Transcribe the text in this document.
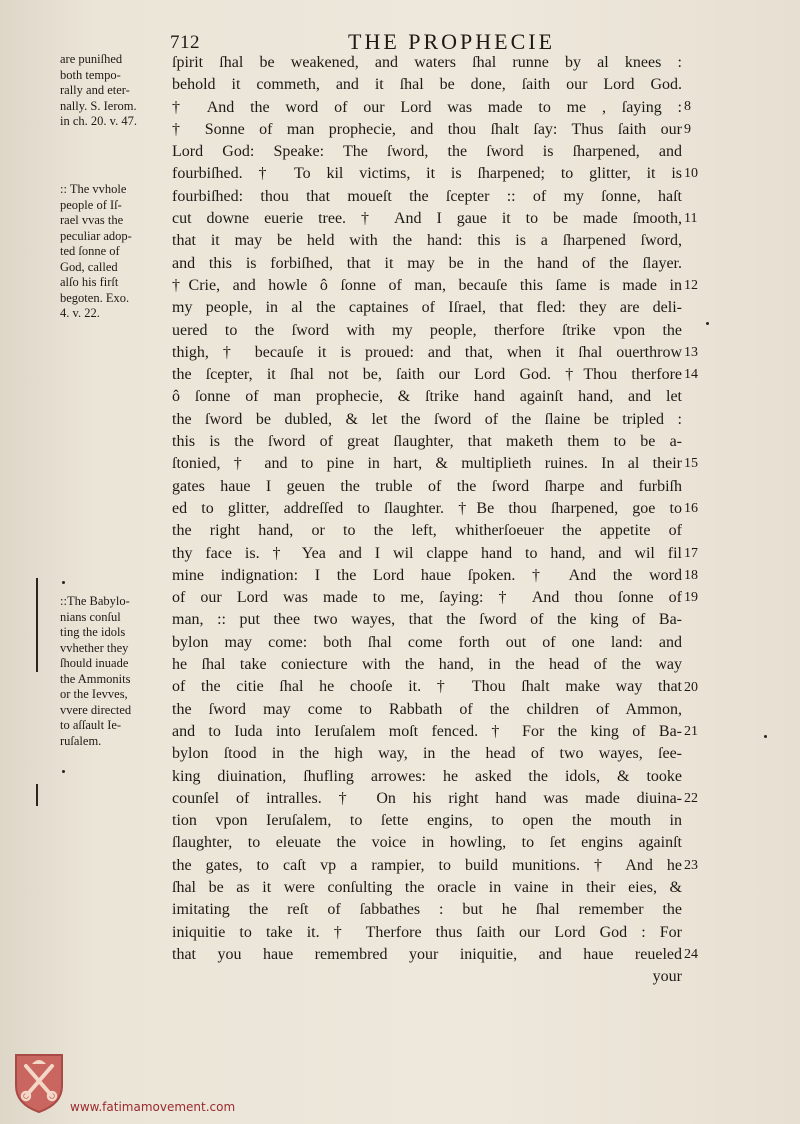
712	THE PROPHECIE
are puniſhed
both tempo-
rally and eter-
nally. S. Ierom.
in ch. 20. v. 47.
:: The vvhole
people of Iſ-
rael vvas the
peculiar adop-
ted ſonne of
God, called
alſo his firſt
begoten. Exo.
4. v. 22.
::The Babylo-
nians conſul
ting the idols
vvhether they
ſhould inuade
the Ammonits
or the Ievves,
vvere directed
to aſſault Ie-
ruſalem.
ſpirit ſhal be weakened, and waters ſhal runne by al knees :
behold it commeth, and it ſhal be done, ſaith our Lord God.
† And the word of our Lord was made to me , ſaying :
† Sonne of man prophecie, and thou ſhalt ſay: Thus ſaith our
Lord God: Speake: The ſword, the ſword is ſharpened, and
fourbiſhed. † To kil victims, it is ſharpened; to glitter, it is
fourbiſhed: thou that moueſt the ſcepter :: of my ſonne, haſt
cut downe euerie tree. † And I gaue it to be made ſmooth,
that it may be held with the hand: this is a ſharpened ſword,
and this is forbiſhed, that it may be in the hand of the ſlayer.
†Crie, and howle ô ſonne of man, becauſe this ſame is made in
my people, in al the captaines of Iſrael, that fled: they are deli-
uered to the ſword with my people, therfore ſtrike vpon the
thigh, † becauſe it is proued: and that, when it ſhal ouerthrow
the ſcepter, it ſhal not be, ſaith our Lord God. †Thou therfore
ô ſonne of man prophecie, & ſtrike hand againſt hand, and let
the ſword be dubled, & let the ſword of the ſlaine be tripled :
this is the ſword of great ſlaughter, that maketh them to be a-
ſtonied, † and to pine in hart, & multiplieth ruines. In al their
gates haue I geuen the truble of the ſword ſharpe and furbiſh
ed to glitter, addreſſed to ſlaughter. †Be thou ſharpened, goe to
the right hand, or to the left, whitherſoeuer the appetite of
thy face is. † Yea and I wil clappe hand to hand, and wil fil
mine indignation: I the Lord haue ſpoken. † And the word
of our Lord was made to me, ſaying: † And thou ſonne of
man, :: put thee two wayes, that the ſword of the king of Ba-
bylon may come: both ſhal come forth out of one land: and
he ſhal take coniecture with the hand, in the head of the way
of the citie ſhal he chooſe it. † Thou ſhalt make way that
the ſword may come to Rabbath of the children of Ammon,
and to Iuda into Ieruſalem moſt fenced. † For the king of Ba-
bylon ſtood in the high way, in the head of two wayes, ſee-
king diuination, ſhufling arrowes: he asked the idols, & tooke
counſel of intralles. † On his right hand was made diuina-
tion vpon Ieruſalem, to ſette engins, to open the mouth in
ſlaughter, to eleuate the voice in howling, to ſet engins againſt
the gates, to caſt vp a rampier, to build munitions. † And he
ſhal be as it were conſulting the oracle in vaine in their eies, &
imitating the reſt of ſabbathes : but he ſhal remember the
iniquitie to take it. † Therfore thus ſaith our Lord God : For
that you haue remembred your iniquitie, and haue reueled
your
8
9
10
11
12
13
14
15
16
17
18
19
20
21
22
23
24
www.fatimamovement.com
